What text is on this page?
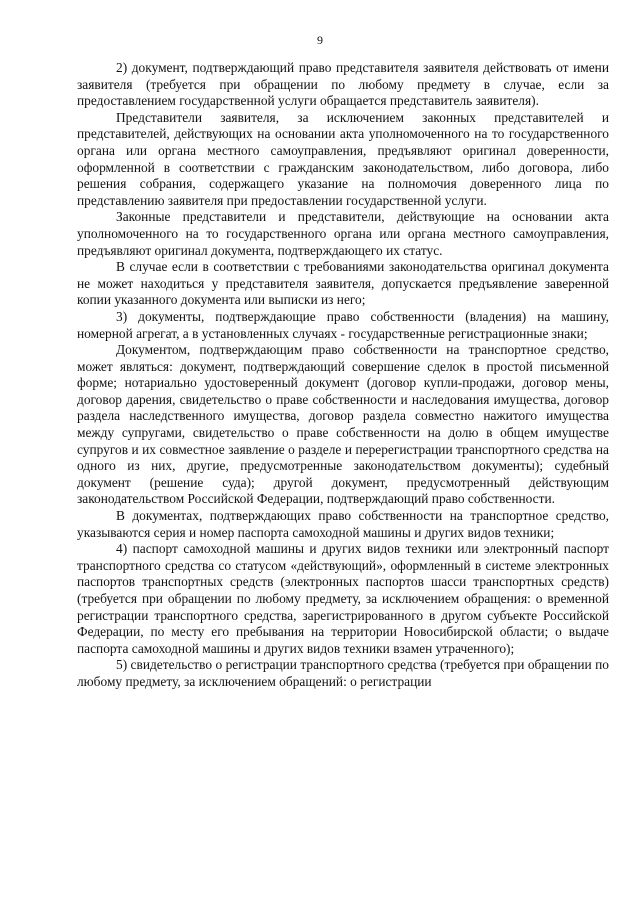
9

2) документ, подтверждающий право представителя заявителя действовать от имени заявителя (требуется при обращении по любому предмету в случае, если за предоставлением государственной услуги обращается представитель заявителя).

Представители заявителя, за исключением законных представителей и представителей, действующих на основании акта уполномоченного на то государственного органа или органа местного самоуправления, предъявляют оригинал доверенности, оформленной в соответствии с гражданским законодательством, либо договора, либо решения собрания, содержащего указание на полномочия доверенного лица по представлению заявителя при предоставлении государственной услуги.

Законные представители и представители, действующие на основании акта уполномоченного на то государственного органа или органа местного самоуправления, предъявляют оригинал документа, подтверждающего их статус.

В случае если в соответствии с требованиями законодательства оригинал документа не может находиться у представителя заявителя, допускается предъявление заверенной копии указанного документа или выписки из него;

3) документы, подтверждающие право собственности (владения) на машину, номерной агрегат, а в установленных случаях - государственные регистрационные знаки;

Документом, подтверждающим право собственности на транспортное средство, может являться: документ, подтверждающий совершение сделок в простой письменной форме; нотариально удостоверенный документ (договор купли-продажи, договор мены, договор дарения, свидетельство о праве собственности и наследования имущества, договор раздела наследственного имущества, договор раздела совместно нажитого имущества между супругами, свидетельство о праве собственности на долю в общем имуществе супругов и их совместное заявление о разделе и перерегистрации транспортного средства на одного из них, другие, предусмотренные законодательством документы); судебный документ (решение суда); другой документ, предусмотренный действующим законодательством Российской Федерации, подтверждающий право собственности.

В документах, подтверждающих право собственности на транспортное средство, указываются серия и номер паспорта самоходной машины и других видов техники;

4) паспорт самоходной машины и других видов техники или электронный паспорт транспортного средства со статусом «действующий», оформленный в системе электронных паспортов транспортных средств (электронных паспортов шасси транспортных средств) (требуется при обращении по любому предмету, за исключением обращения: о временной регистрации транспортного средства, зарегистрированного в другом субъекте Российской Федерации, по месту его пребывания на территории Новосибирской области; о выдаче паспорта самоходной машины и других видов техники взамен утраченного);

5) свидетельство о регистрации транспортного средства (требуется при обращении по любому предмету, за исключением обращений: о регистрации
